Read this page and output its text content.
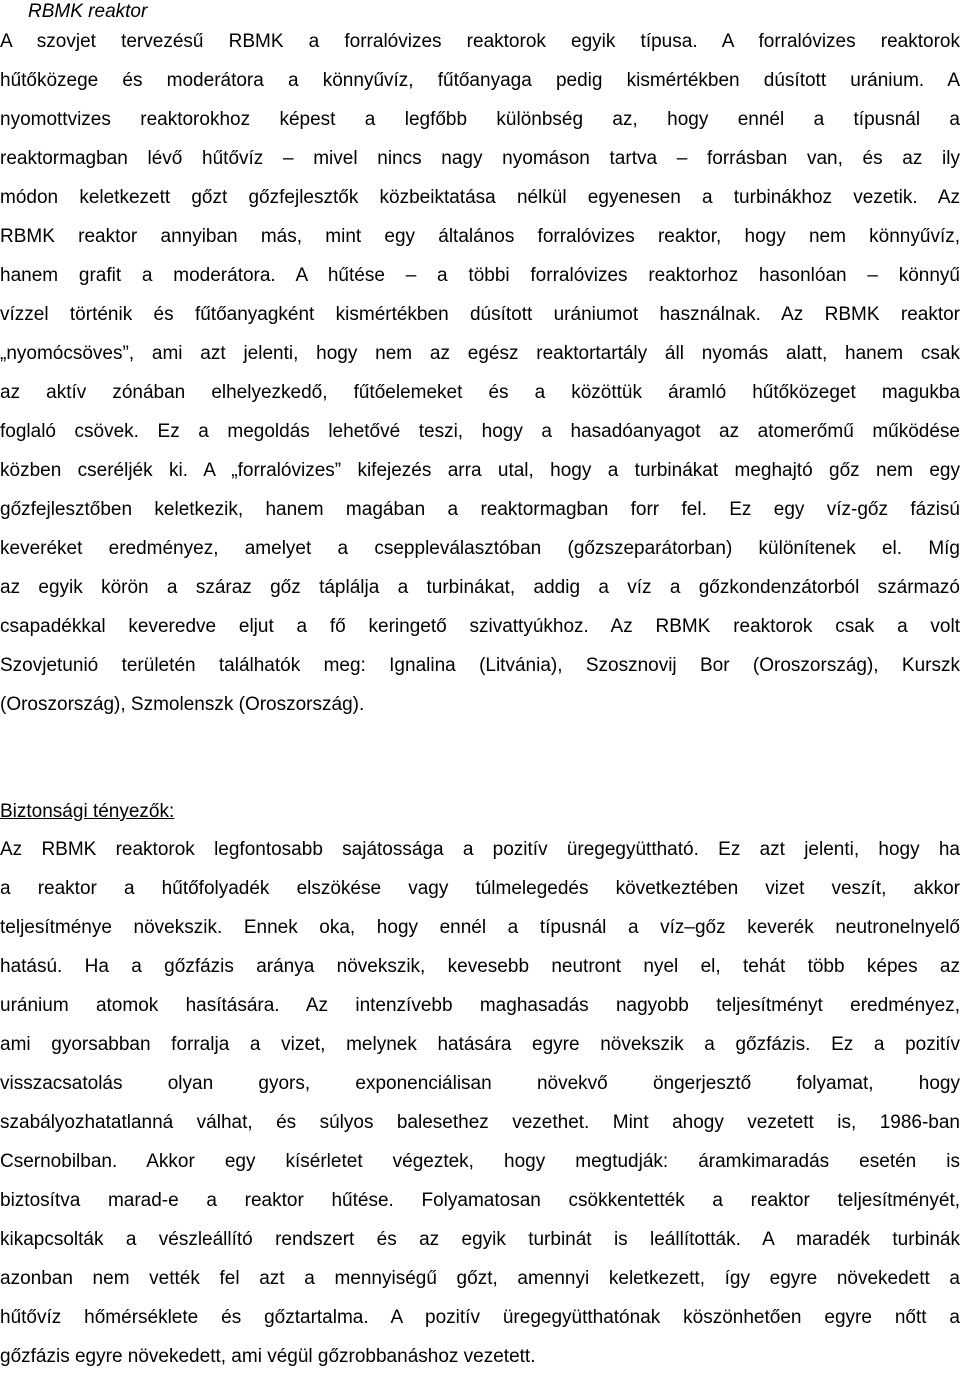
RBMK reaktor
A szovjet tervezésű RBMK a forralóvizes reaktorok egyik típusa. A forralóvizes reaktorok
hűtőközege és moderátora a könnyűvíz, fűtőanyaga pedig kismértékben dúsított uránium. A
nyomottvizes reaktorokhoz képest a legfőbb különbség az, hogy ennél a típusnál a
reaktormagban lévő hűtővíz – mivel nincs nagy nyomáson tartva – forrásban van, és az ily
módon keletkezett gőzt gőzfejlesztők közbeiktatása nélkül egyenesen a turbinákhoz vezetik. Az
RBMK reaktor annyiban más, mint egy általános forralóvizes reaktor, hogy nem könnyűvíz,
hanem grafit a moderátora. A hűtése – a többi forralóvizes reaktorhoz hasonlóan – könnyű
vízzel történik és fűtőanyagként kismértékben dúsított urániumot használnak. Az RBMK reaktor
„nyomócsöves”, ami azt jelenti, hogy nem az egész reaktortartály áll nyomás alatt, hanem csak
az aktív zónában elhelyezkedő, fűtőelemeket és a közöttük áramló hűtőközeget magukba
foglaló csövek. Ez a megoldás lehetővé teszi, hogy a hasadóanyagot az atomerőmű működése
közben cseréljék ki. A „forralóvizes” kifejezés arra utal, hogy a turbinákat meghajtó gőz nem egy
gőzfejlesztőben keletkezik, hanem magában a reaktormagban forr fel. Ez egy víz-gőz fázisú
keveréket eredményez, amelyet a cseppleválasztóban (gőzszeparátorban) különítenek el. Míg
az egyik körön a száraz gőz táplálja a turbinákat, addig a víz a gőzkondenzátorból származó
csapadékkal keveredve eljut a fő keringető szivattyúkhoz. Az RBMK reaktorok csak a volt
Szovjetunió területén találhatók meg: Ignalina (Litvánia), Szosznovij Bor (Oroszország), Kurszk
(Oroszország), Szmolenszk (Oroszország).
Biztonsági tényezők:
Az RBMK reaktorok legfontosabb sajátossága a pozitív üregegyüttható. Ez azt jelenti, hogy ha
a reaktor a hűtőfolyadék elszökése vagy túlmelegedés következtében vizet veszít, akkor
teljesítménye növekszik. Ennek oka, hogy ennél a típusnál a víz–gőz keverék neutronelnyelő
hatású. Ha a gőzfázis aránya növekszik, kevesebb neutront nyel el, tehát több képes az
uránium atomok hasítására. Az intenzívebb maghasadás nagyobb teljesítményt eredményez,
ami gyorsabban forralja a vizet, melynek hatására egyre növekszik a gőzfázis. Ez a pozitív
visszacsatolás olyan gyors, exponenciálisan növekvő öngerjesztő folyamat, hogy
szabályozhatatlanná válhat, és súlyos balesethez vezethet. Mint ahogy vezetett is, 1986-ban
Csernobilban. Akkor egy kísérletet végeztek, hogy megtudják: áramkimaradás esetén is
biztosítva marad-e a reaktor hűtése. Folyamatosan csökkentették a reaktor teljesítményét,
kikapcsolták a vészleállító rendszert és az egyik turbinát is leállították. A maradék turbinák
azonban nem vették fel azt a mennyiségű gőzt, amennyi keletkezett, így egyre növekedett a
hűtővíz hőmérséklete és gőztartalma. A pozitív üregegyütthatónak köszönhetően egyre nőtt a
gőzfázis egyre növekedett, ami végül gőzrobbanáshoz vezetett.
